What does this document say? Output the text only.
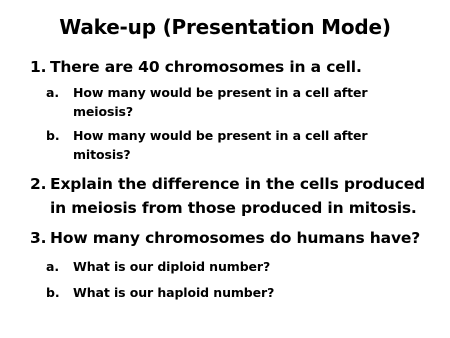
Wake-up (Presentation Mode)
1. There are 40 chromosomes in a cell.
a. How many would be present in a cell after
meiosis?
b. How many would be present in a cell after
mitosis?
2. Explain the difference in the cells produced
in meiosis from those produced in mitosis.
3. How many chromosomes do humans have?
a. What is our diploid number?
b. What is our haploid number?
